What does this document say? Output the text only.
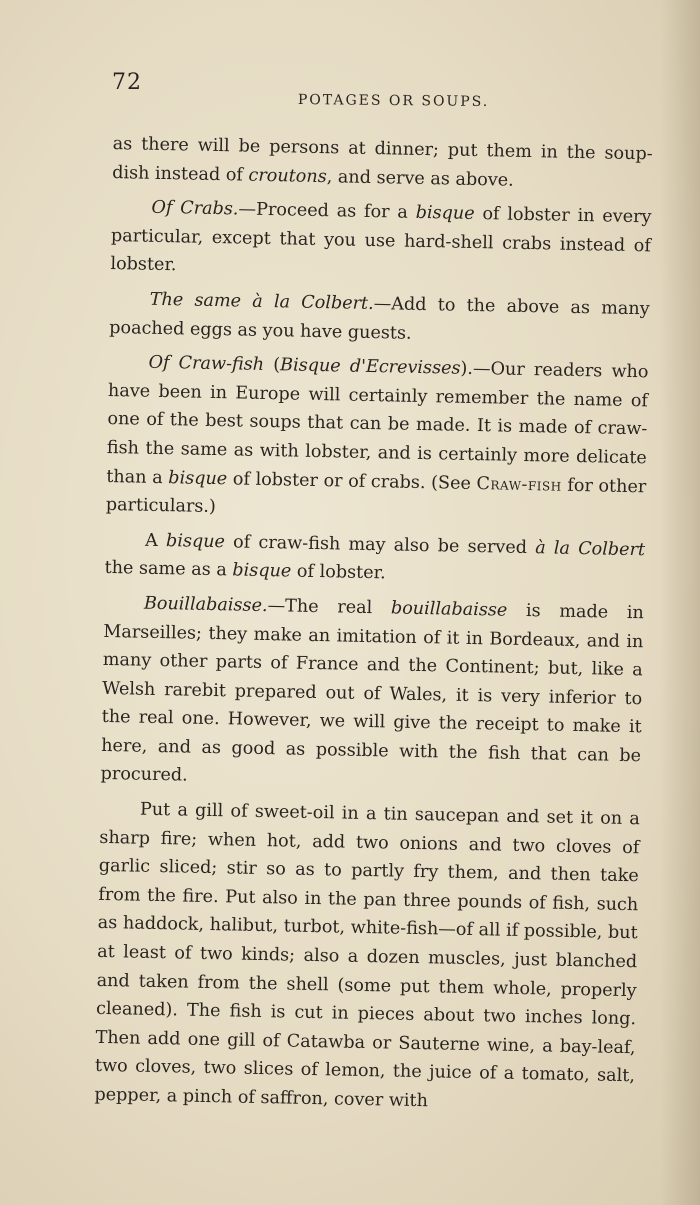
72
POTAGES OR SOUPS.

as there will be persons at dinner; put them in the soup-dish instead of croutons, and serve as above.

Of Crabs.—Proceed as for a bisque of lobster in every particular, except that you use hard-shell crabs instead of lobster.

The same à la Colbert.—Add to the above as many poached eggs as you have guests.

Of Craw-fish (Bisque d'Ecrevisses).—Our readers who have been in Europe will certainly remember the name of one of the best soups that can be made. It is made of craw-fish the same as with lobster, and is certainly more delicate than a bisque of lobster or of crabs. (See Craw-fish for other particulars.)

A bisque of craw-fish may also be served à la Colbert the same as a bisque of lobster.

Bouillabaisse.—The real bouillabaisse is made in Marseilles; they make an imitation of it in Bordeaux, and in many other parts of France and the Continent; but, like a Welsh rarebit prepared out of Wales, it is very inferior to the real one. However, we will give the receipt to make it here, and as good as possible with the fish that can be procured.

Put a gill of sweet-oil in a tin saucepan and set it on a sharp fire; when hot, add two onions and two cloves of garlic sliced; stir so as to partly fry them, and then take from the fire. Put also in the pan three pounds of fish, such as haddock, halibut, turbot, white-fish—of all if possible, but at least of two kinds; also a dozen muscles, just blanched and taken from the shell (some put them whole, properly cleaned). The fish is cut in pieces about two inches long. Then add one gill of Catawba or Sauterne wine, a bay-leaf, two cloves, two slices of lemon, the juice of a tomato, salt, pepper, a pinch of saffron, cover with
